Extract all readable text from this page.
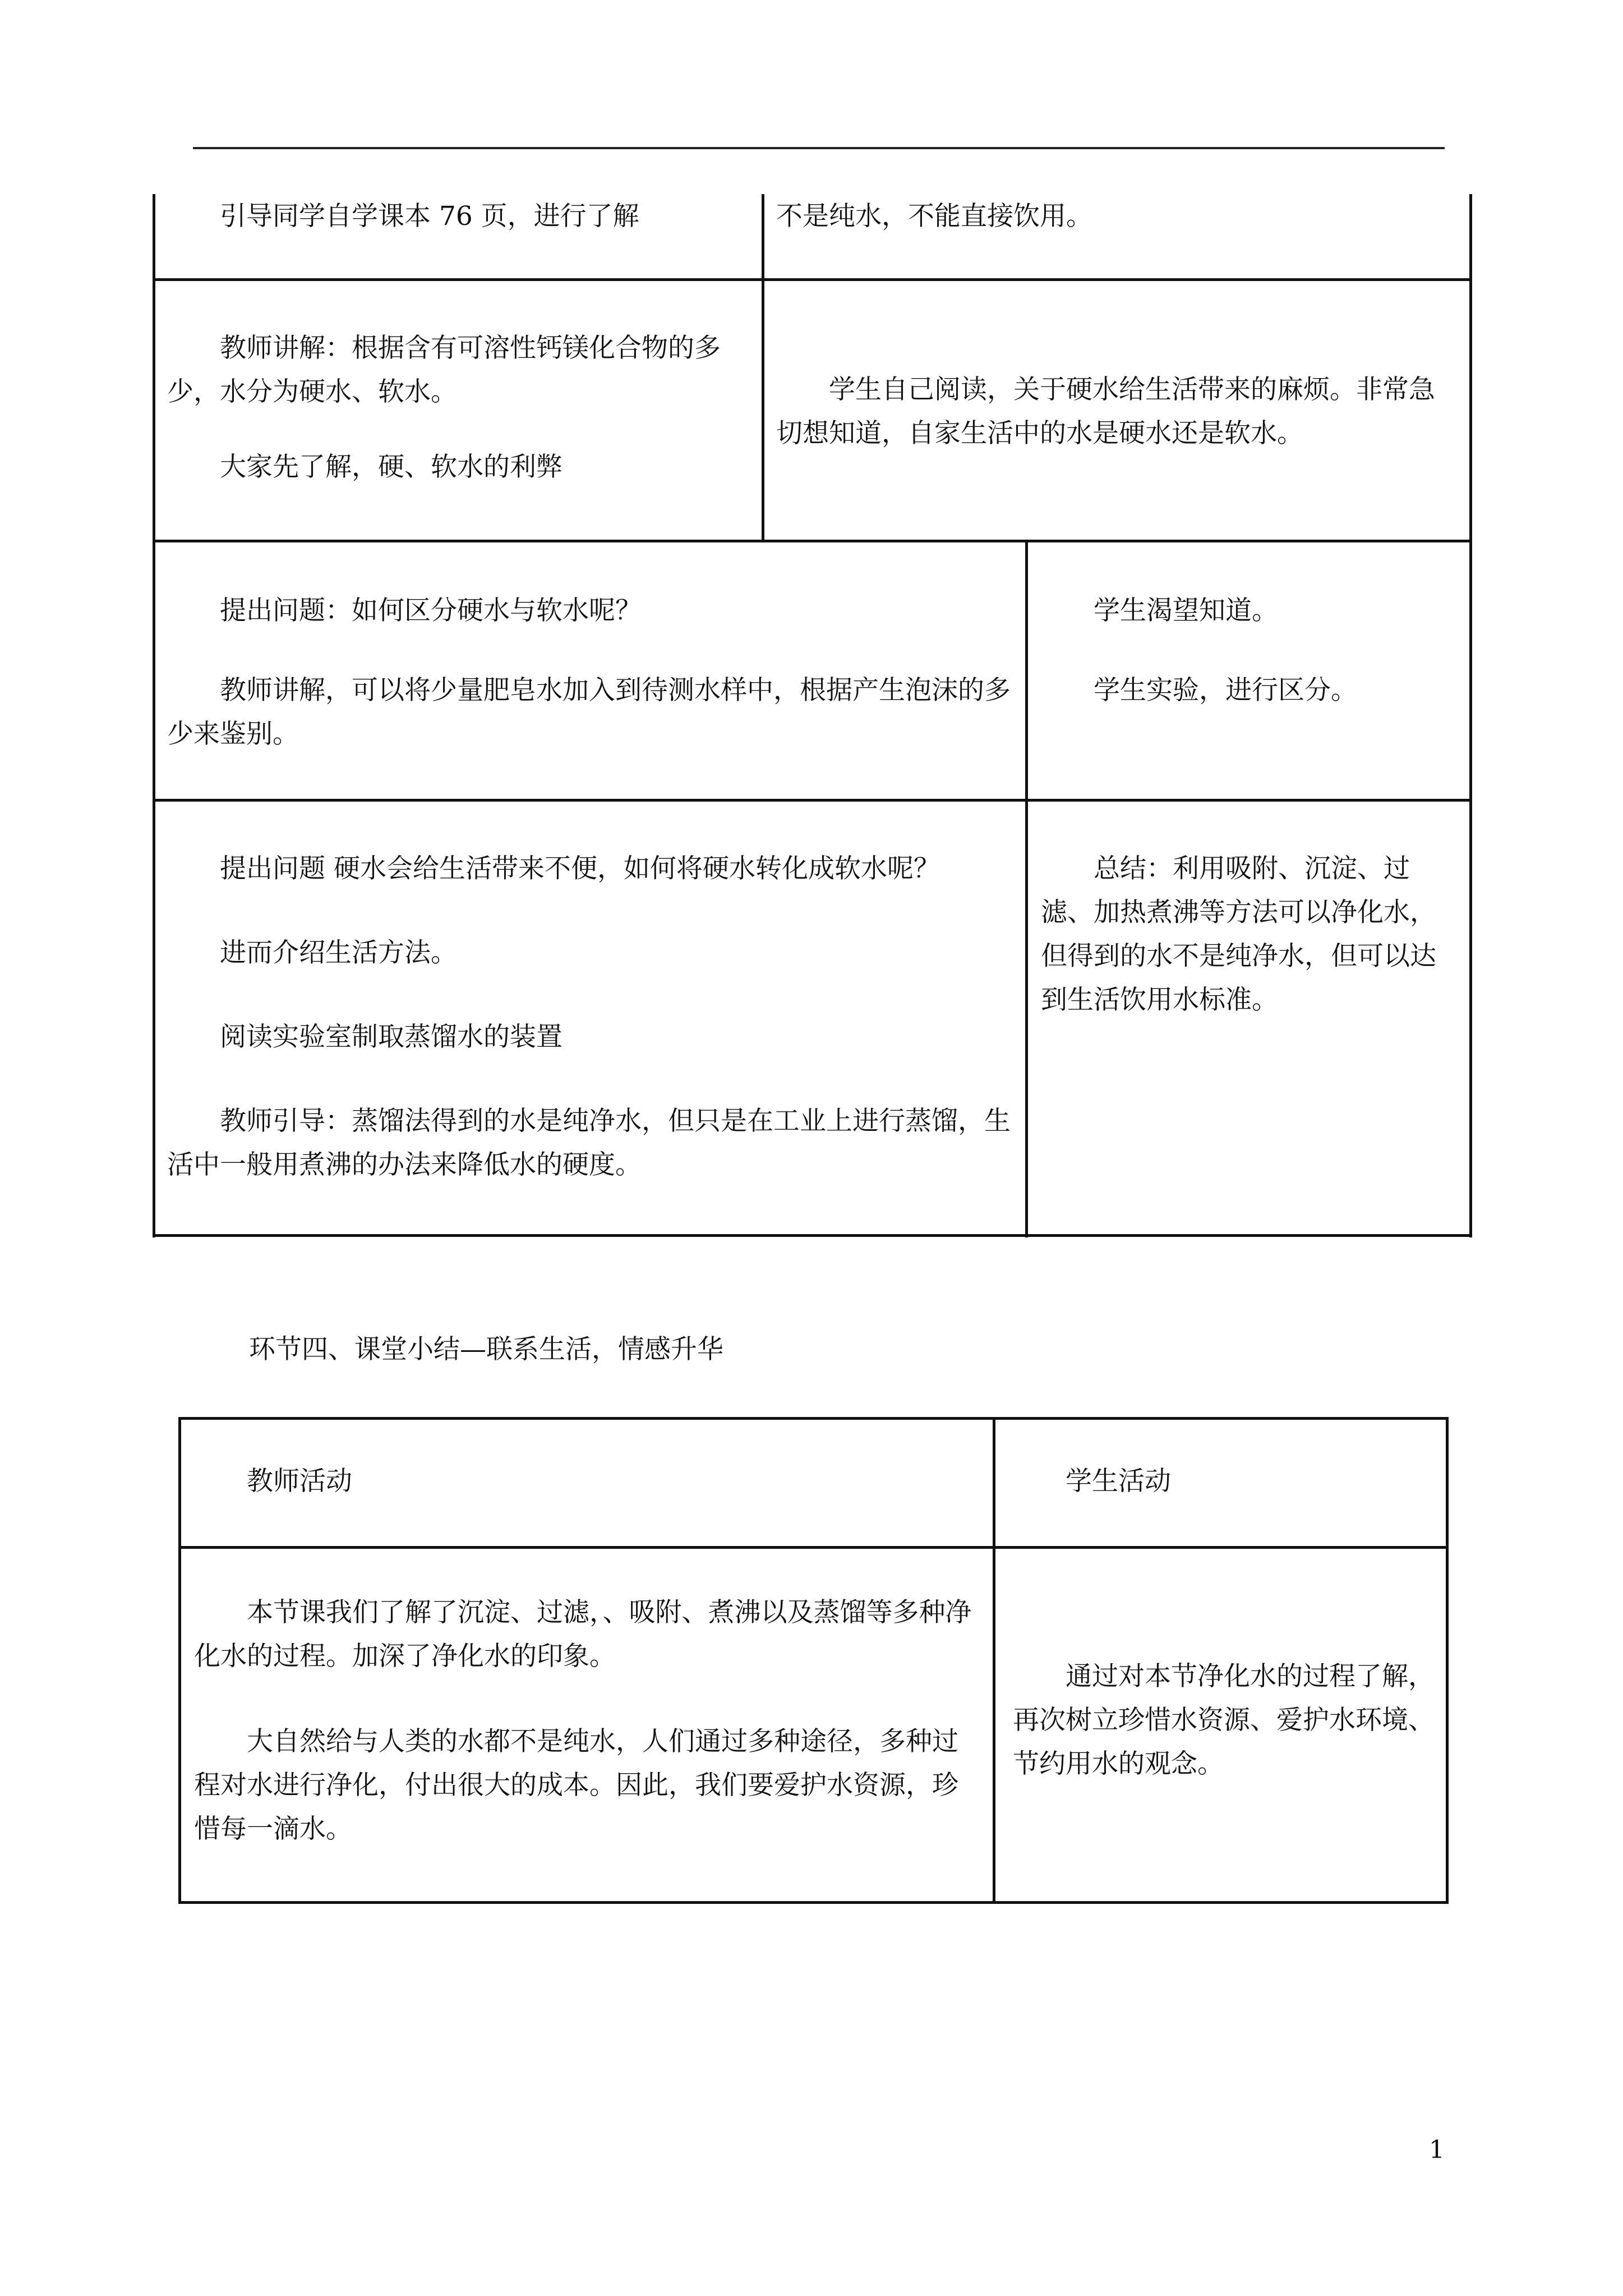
引导同学自学课本 76 页，进行了解	不是纯水，不能直接饮用。

教师讲解：根据含有可溶性钙镁化合物的多少，水分为硬水、软水。

大家先了解，硬、软水的利弊

学生自己阅读，关于硬水给生活带来的麻烦。非常急切想知道，自家生活中的水是硬水还是软水。

提出问题：如何区分硬水与软水呢？

教师讲解，可以将少量肥皂水加入到待测水样中，根据产生泡沫的多少来鉴别。

学生渴望知道。

学生实验，进行区分。

提出问题 硬水会给生活带来不便，如何将硬水转化成软水呢？

进而介绍生活方法。

阅读实验室制取蒸馏水的装置

教师引导：蒸馏法得到的水是纯净水，但只是在工业上进行蒸馏，生活中一般用煮沸的办法来降低水的硬度。

总结：利用吸附、沉淀、过滤、加热煮沸等方法可以净化水，但得到的水不是纯净水，但可以达到生活饮用水标准。

环节四、课堂小结—联系生活，情感升华

教师活动	学生活动

本节课我们了解了沉淀、过滤，、吸附、煮沸以及蒸馏等多种净化水的过程。加深了净化水的印象。

大自然给与人类的水都不是纯水，人们通过多种途径，多种过程对水进行净化，付出很大的成本。因此，我们要爱护水资源，珍惜每一滴水。

通过对本节净化水的过程了解，再次树立珍惜水资源、爱护水环境、节约用水的观念。

1
